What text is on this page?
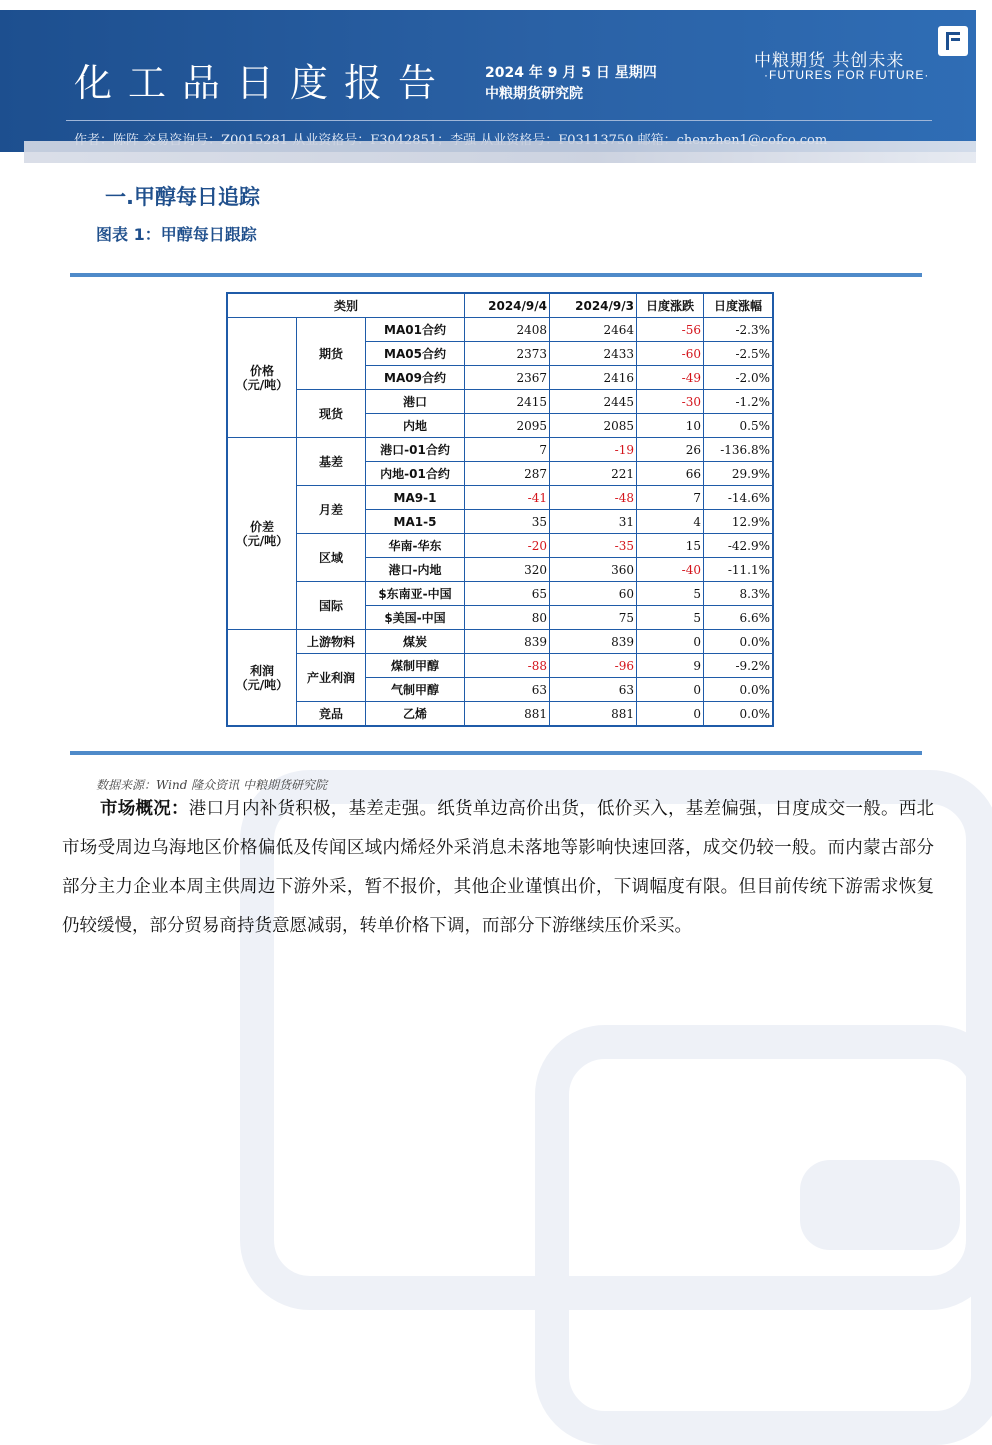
化工品日度报告 2024 年 9 月 5 日 星期四
中粮期货研究院
中粮期货 共创未来
·FUTURES FOR FUTURE·
一.甲醇每日追踪
图表 1：甲醇每日跟踪
类别			2024/9/4	2024/9/3	日度涨跌	日度涨幅
价格
（元/吨）	期货	MA01合约	2408	2464	-56	-2.3%
		MA05合约	2373	2433	-60	-2.5%
		MA09合约	2367	2416	-49	-2.0%
	现货	港口	2415	2445	-30	-1.2%
		内地	2095	2085	10	0.5%
价差
（元/吨）	基差	港口-01合约	7	-19	26	-136.8%
		内地-01合约	287	221	66	29.9%
	月差	MA9-1	-41	-48	7	-14.6%
		MA1-5	35	31	4	12.9%
	区域	华南-华东	-20	-35	15	-42.9%
		港口-内地	320	360	-40	-11.1%
	国际	$东南亚-中国	65	60	5	8.3%
		$美国-中国	80	75	5	6.6%
利润
（元/吨）	上游物料	煤炭	839	839	0	0.0%
	产业利润	煤制甲醇	-88	-96	9	-9.2%
		气制甲醇	63	63	0	0.0%
	竞品	乙烯	881	881	0	0.0%
数据来源：Wind 隆众资讯 中粮期货研究院
市场概况：港口月内补货积极，基差走强。纸货单边高价出货，低价买入，基差偏强，日度成交一般。西北市场受周边乌海地区价格偏低及传闻区域内烯烃外采消息未落地等影响快速回落，成交仍较一般。而内蒙古部分部分主力企业本周主供周边下游外采，暂不报价，其他企业谨慎出价，下调幅度有限。但目前传统下游需求恢复仍较缓慢，部分贸易商持货意愿减弱，转单价格下调，而部分下游继续压价采买。
